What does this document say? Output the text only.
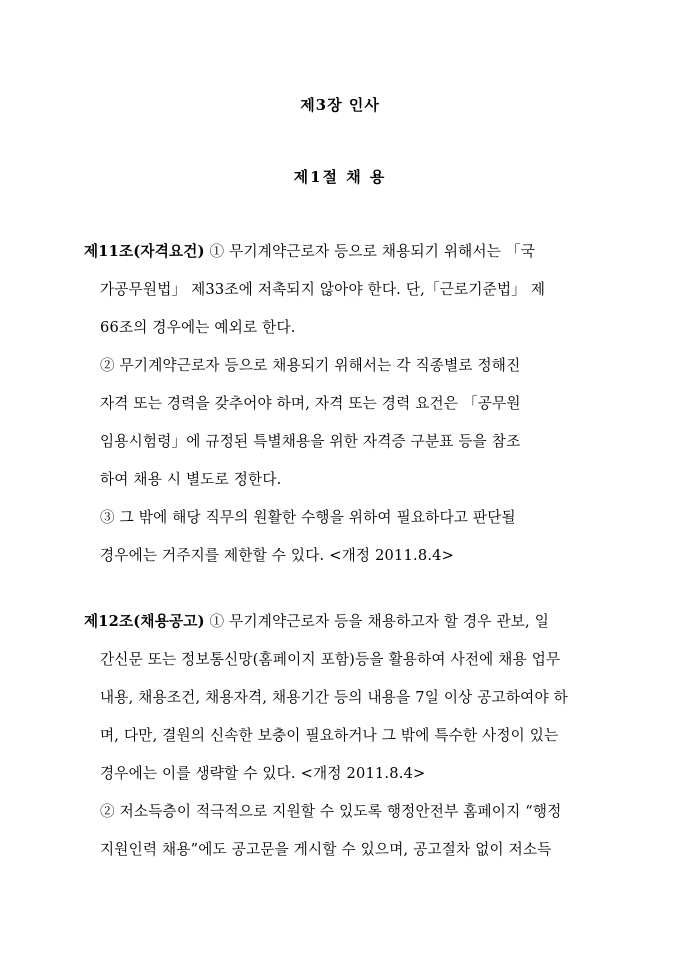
제3장 인사
제1절 채 용
제11조(자격요건) ① 무기계약근로자 등으로 채용되기 위해서는 「국
가공무원법」 제33조에 저촉되지 않아야 한다. 단,「근로기준법」 제
66조의 경우에는 예외로 한다.
② 무기계약근로자 등으로 채용되기 위해서는 각 직종별로 정해진
자격 또는 경력을 갖추어야 하며, 자격 또는 경력 요건은 「공무원
임용시험령」에 규정된 특별채용을 위한 자격증 구분표 등을 참조
하여 채용 시 별도로 정한다.
③ 그 밖에 해당 직무의 원활한 수행을 위하여 필요하다고 판단될
경우에는 거주지를 제한할 수 있다. <개정 2011.8.4>
제12조(채용공고) ① 무기계약근로자 등을 채용하고자 할 경우 관보, 일
간신문 또는 정보통신망(홈페이지 포함)등을 활용하여 사전에 채용 업무
내용, 채용조건, 채용자격, 채용기간 등의 내용을 7일 이상 공고하여야 하
며, 다만, 결원의 신속한 보충이 필요하거나 그 밖에 특수한 사정이 있는
경우에는 이를 생략할 수 있다. <개정 2011.8.4>
② 저소득층이 적극적으로 지원할 수 있도록 행정안전부 홈페이지 “행정
지원인력 채용”에도 공고문을 게시할 수 있으며, 공고절차 없이 저소득
